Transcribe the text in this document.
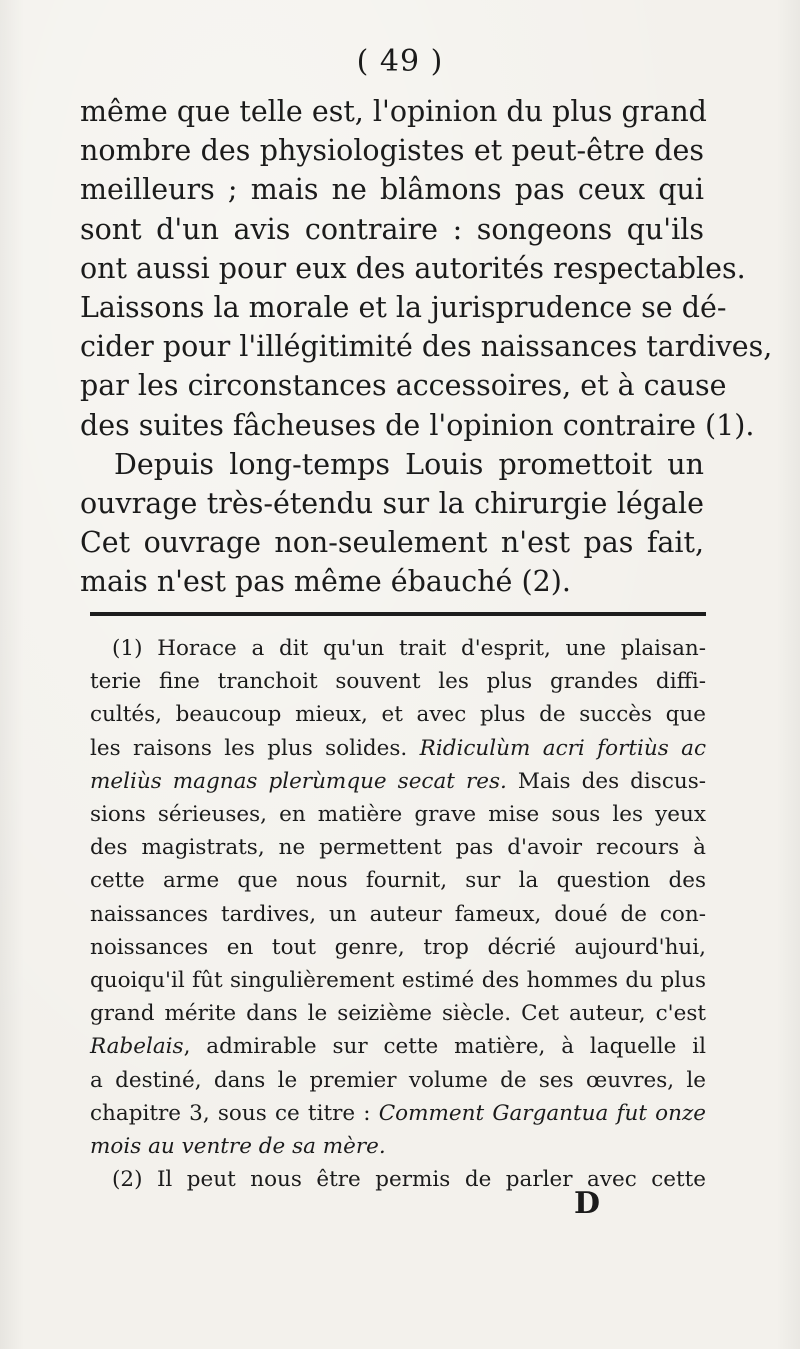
( 49 )

même que telle est, l'opinion du plus grand
nombre des physiologistes et peut-être des
meilleurs ; mais ne blâmons pas ceux qui
sont d'un avis contraire : songeons qu'ils
ont aussi pour eux des autorités respectables.
Laissons la morale et la jurisprudence se dé-
cider pour l'illégitimité des naissances tardives,
par les circonstances accessoires, et à cause
des suites fâcheuses de l'opinion contraire (1).

Depuis long-temps Louis promettoit un
ouvrage très-étendu sur la chirurgie légale
Cet ouvrage non-seulement n'est pas fait,
mais n'est pas même ébauché (2).

(1) Horace a dit qu'un trait d'esprit, une plaisan-
terie fine tranchoit souvent les plus grandes diffi-
cultés, beaucoup mieux, et avec plus de succès que
les raisons les plus solides. Ridiculùm acri fortiùs ac
meliùs magnas plerùmque secat res. Mais des discus-
sions sérieuses, en matière grave mise sous les yeux
des magistrats, ne permettent pas d'avoir recours à
cette arme que nous fournit, sur la question des
naissances tardives, un auteur fameux, doué de con-
noissances en tout genre, trop décrié aujourd'hui,
quoiqu'il fût singulièrement estimé des hommes du plus
grand mérite dans le seizième siècle. Cet auteur, c'est
Rabelais, admirable sur cette matière, à laquelle il
a destiné, dans le premier volume de ses œuvres, le
chapitre 3, sous ce titre : Comment Gargantua fut onze
mois au ventre de sa mère.
(2) Il peut nous être permis de parler avec cette
D
